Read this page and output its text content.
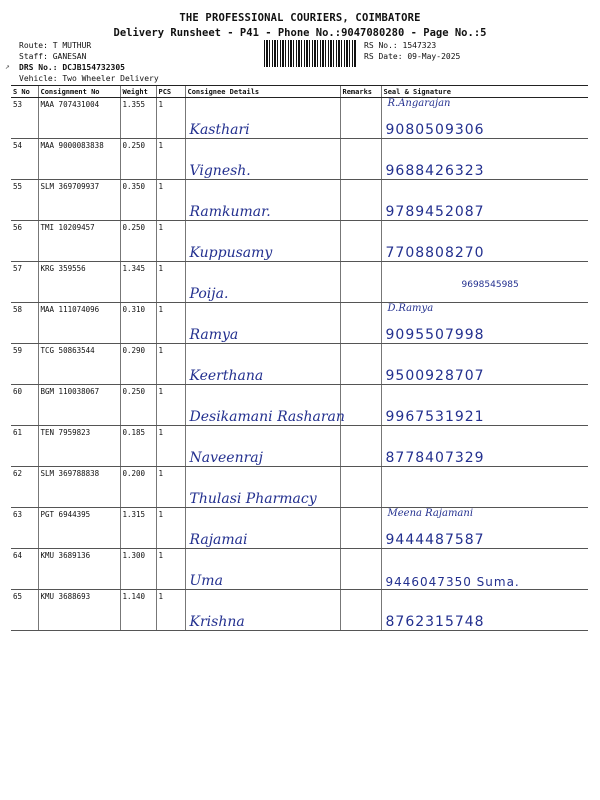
THE PROFESSIONAL COURIERS, COIMBATORE
Delivery Runsheet - P41 - Phone No.:9047080280 - Page No.:5
Route: T MUTHUR
Staff: GANESAN
DRS No.: DCJB154732305
Vehicle: Two Wheeler Delivery
RS No.: 1547323
RS Date: 09-May-2025
↗
S No	Consignment No	Weight	PCS	Consignee Details	Remarks	Seal & Signature
53	MAA 707431004	1.355	1	Kasthari		R.Angarajan
9080509306

54	MAA 9000083838	0.250	1	Vignesh.		9688426323

55	SLM 369709937	0.350	1	Ramkumar.		9789452087

56	TMI 10209457	0.250	1	Kuppusamy		7708808270

57	KRG 359556	1.345	1	Poija.		9698545985

58	MAA 111074096	0.310	1	Ramya		D.Ramya
9095507998

59	TCG 50863544	0.290	1	Keerthana		9500928707

60	BGM 110038067	0.250	1	Desikamani Rasharan		9967531921

61	TEN 7959823	0.185	1	Naveenraj		8778407329

62	SLM 369788838	0.200	1	Thulasi Pharmacy		

63	PGT 6944395	1.315	1	Rajamai		Meena Rajamani
9444487587

64	KMU 3689136	1.300	1	Uma		9446047350 Suma.

65	KMU 3688693	1.140	1	Krishna		8762315748
